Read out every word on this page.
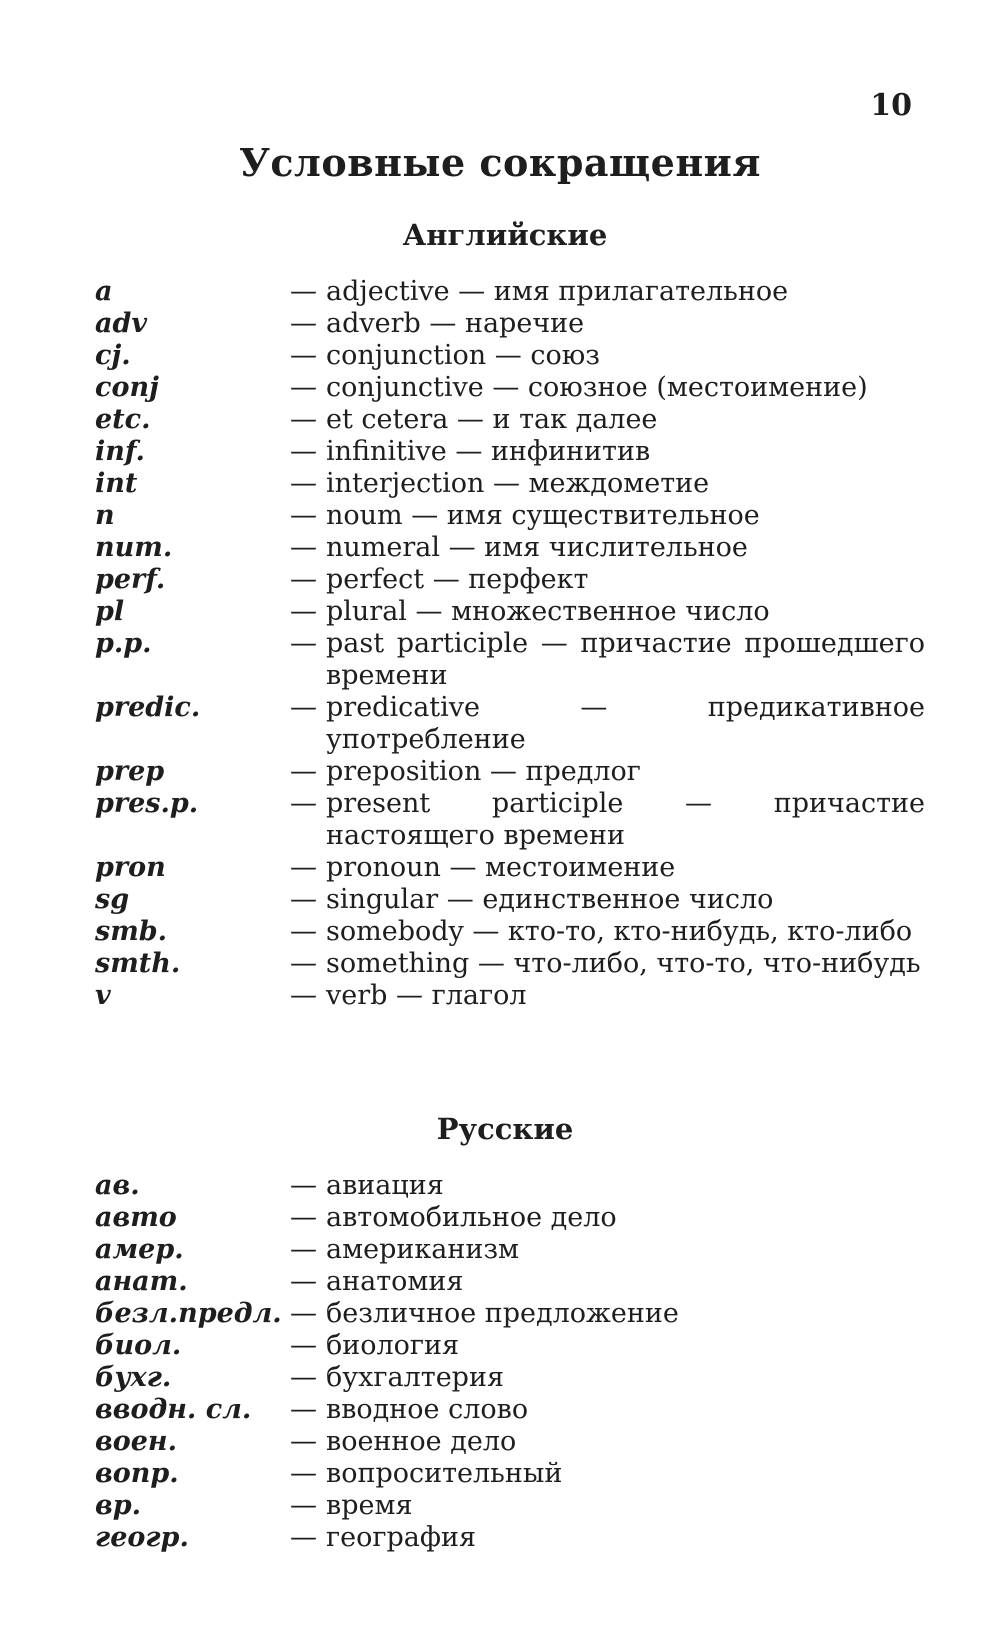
10
Условные сокращения
Английские
a	— adjective — имя прилагательное
adv	— adverb — наречие
cj.	— conjunction — союз
conj	— conjunctive — союзное (местоимение)
etc.	— et cetera — и так далее
inf.	— infinitive — инфинитив
int	— interjection — междометие
n	— noum — имя существительное
num.	— numeral — имя числительное
perf.	— perfect — перфект
pl	— plural — множественное число
p.p.	— past participle — причастие прошедшего времени
predic.	— predicative — предикативное употребление
prep	— preposition — предлог
pres.p.	— present participle — причастие настоящего времени
pron	— pronoun — местоимение
sg	— singular — единственное число
smb.	— somebody — кто-то, кто-нибудь, кто-либо
smth.	— something — что-либо, что-то, что-нибудь
v	— verb — глагол
Русские
ав.	— авиация
авто	— автомобильное дело
амер.	— американизм
анат.	— анатомия
безл.предл. — безличное предложение
биол.	— биология
бухг.	— бухгалтерия
вводн. сл.	— вводное слово
воен.	— военное дело
вопр.	— вопросительный
вр.	— время
геогр.	— география
